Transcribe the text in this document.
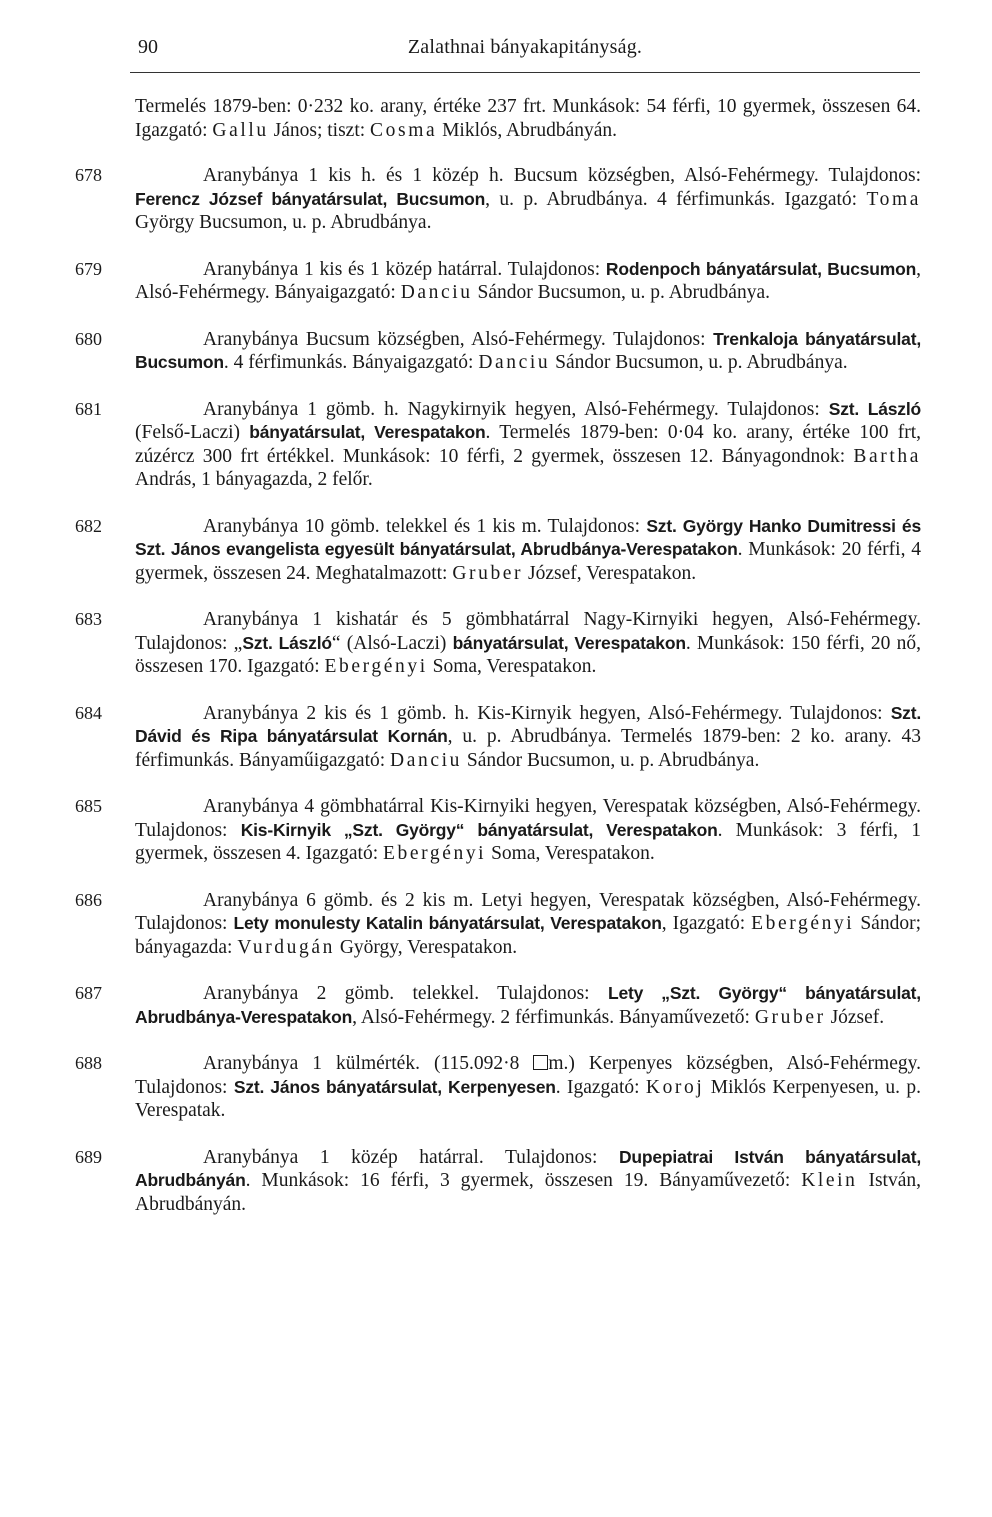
90	Zalathnai bányakapitányság.

Termelés 1879-ben: 0·232 ko. arany, értéke 237 frt. Munkások: 54 férfi, 10 gyermek, összesen 64. Igazgató: Gallu János; tiszt: Cosma Miklós, Abrudbányán.

678	Aranybánya 1 kis h. és 1 közép h. Bucsum községben, Alsó-Fehérmegy. Tulajdonos: Ferencz József bányatársulat, Bucsumon, u. p. Abrudbánya. 4 férfimunkás. Igazgató: Toma György Bucsumon, u. p. Abrudbánya.

679	Aranybánya 1 kis és 1 közép határral. Tulajdonos: Rodenpoch bányatársulat, Bucsumon, Alsó-Fehérmegy. Bányaigazgató: Danciu Sándor Bucsumon, u. p. Abrudbánya.

680	Aranybánya Bucsum községben, Alsó-Fehérmegy. Tulajdonos: Trenkaloja bányatársulat, Bucsumon. 4 férfimunkás. Bányaigazgató: Danciu Sándor Bucsumon, u. p. Abrudbánya.

681	Aranybánya 1 gömb. h. Nagykirnyik hegyen, Alsó-Fehérmegy. Tulajdonos: Szt. László (Felső-Laczi) bányatársulat, Verespatakon. Termelés 1879-ben: 0·04 ko. arany, értéke 100 frt, zúzércz 300 frt értékkel. Munkások: 10 férfi, 2 gyermek, összesen 12. Bányagondnok: Bartha András, 1 bányagazda, 2 felőr.

682	Aranybánya 10 gömb. telekkel és 1 kis m. Tulajdonos: Szt. György Hanko Dumitressi és Szt. János evangelista egyesült bányatársulat, Abrudbánya-Verespatakon. Munkások: 20 férfi, 4 gyermek, összesen 24. Meghatalmazott: Gruber József, Verespatakon.

683	Aranybánya 1 kishatár és 5 gömbhatárral Nagy-Kirnyiki hegyen, Alsó-Fehérmegy. Tulajdonos: „Szt. László“ (Alsó-Laczi) bányatársulat, Verespatakon. Munkások: 150 férfi, 20 nő, összesen 170. Igazgató: Ebergényi Soma, Verespatakon.

684	Aranybánya 2 kis és 1 gömb. h. Kis-Kirnyik hegyen, Alsó-Fehérmegy. Tulajdonos: Szt. Dávid és Ripa bányatársulat Kornán, u. p. Abrudbánya. Termelés 1879-ben: 2 ko. arany. 43 férfimunkás. Bányaműigazgató: Danciu Sándor Bucsumon, u. p. Abrudbánya.

685	Aranybánya 4 gömbhatárral Kis-Kirnyiki hegyen, Verespatak községben, Alsó-Fehérmegy. Tulajdonos: Kis-Kirnyik „Szt. György“ bányatársulat, Verespatakon. Munkások: 3 férfi, 1 gyermek, összesen 4. Igazgató: Ebergényi Soma, Verespatakon.

686	Aranybánya 6 gömb. és 2 kis m. Letyi hegyen, Verespatak községben, Alsó-Fehérmegy. Tulajdonos: Lety monulesty Katalin bányatársulat, Verespatakon, Igazgató: Ebergényi Sándor; bányagazda: Vurdugán György, Verespatakon.

687	Aranybánya 2 gömb. telekkel. Tulajdonos: Lety „Szt. György“ bányatársulat, Abrudbánya-Verespatakon, Alsó-Fehérmegy. 2 férfimunkás. Bányaművezető: Gruber József.

688	Aranybánya 1 külmérték. (115.092·8 m.) Kerpenyes községben, Alsó-Fehérmegy. Tulajdonos: Szt. János bányatársulat, Kerpenyesen. Igazgató: Koroj Miklós Kerpenyesen, u. p. Verespatak.

689	Aranybánya 1 közép határral. Tulajdonos: Dupepiatrai István bányatársulat, Abrudbányán. Munkások: 16 férfi, 3 gyermek, összesen 19. Bányaművezető: Klein István, Abrudbányán.
